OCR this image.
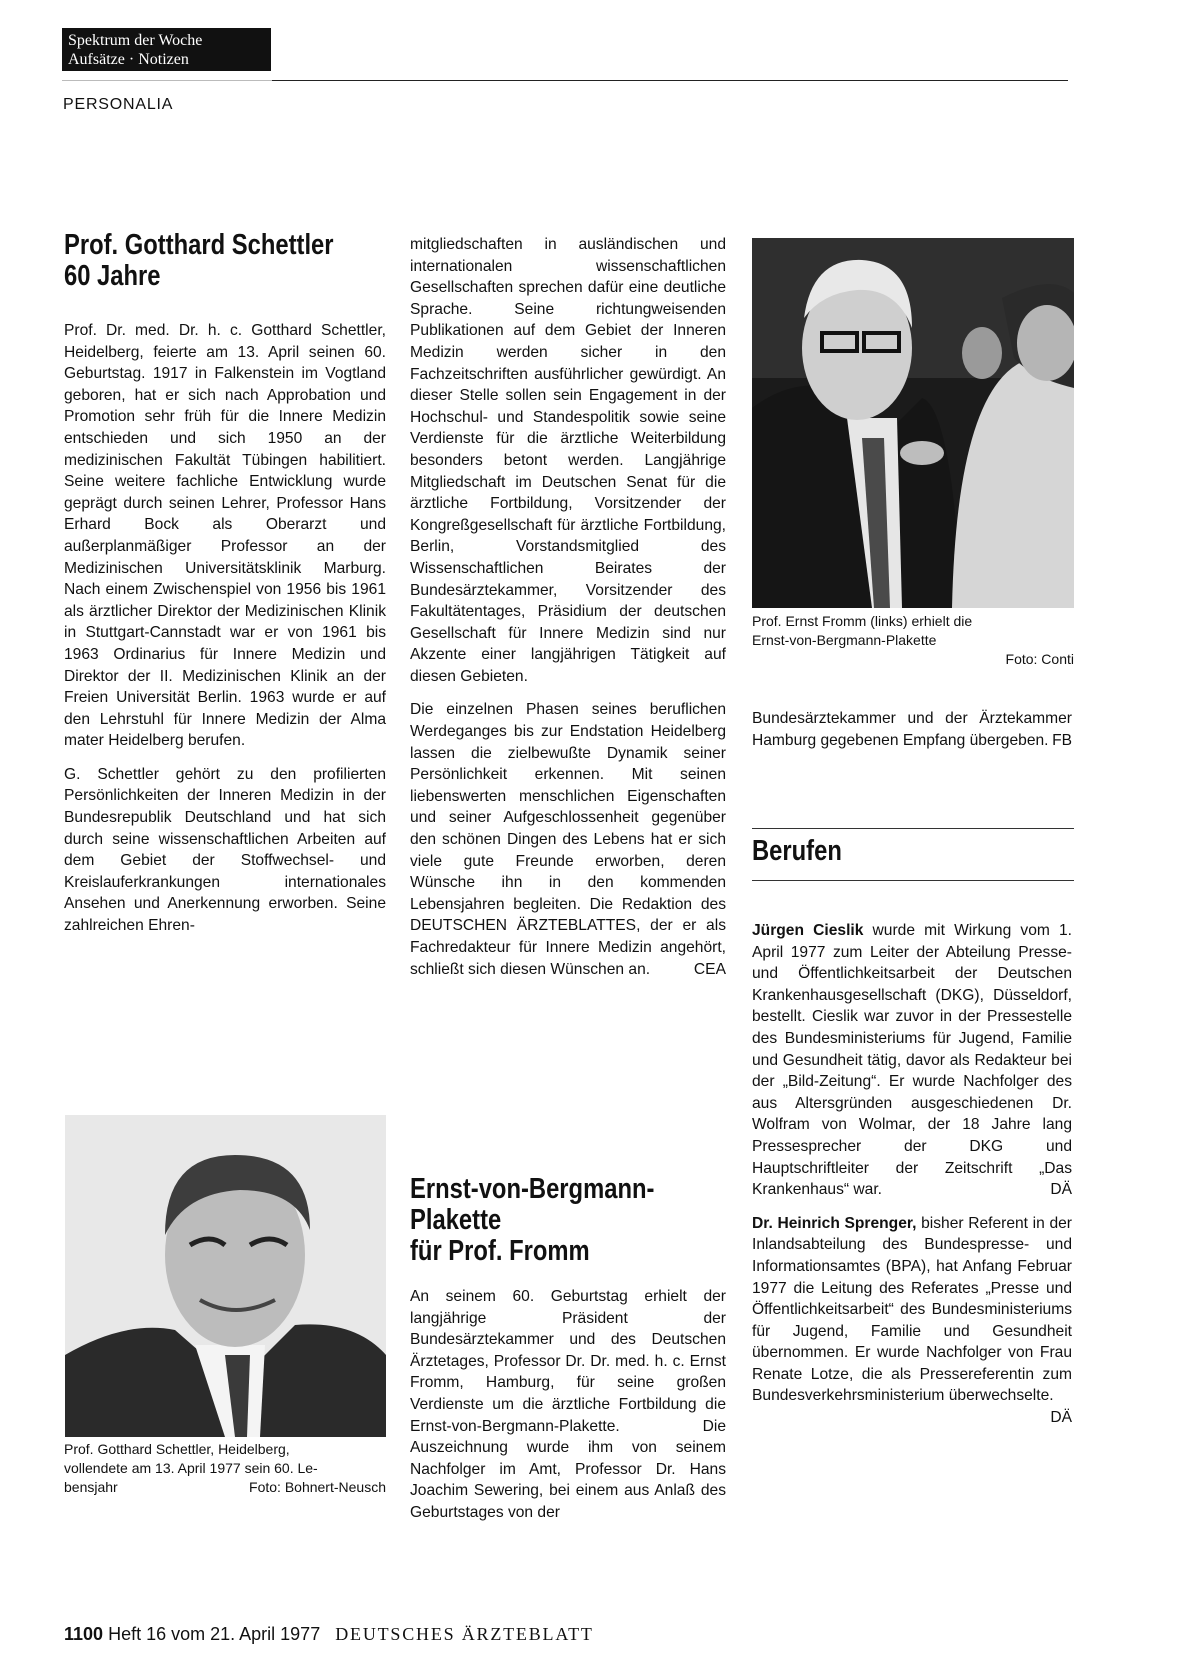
Spektrum der Woche
Aufsätze · Notizen
PERSONALIA
Prof. Gotthard Schettler
60 Jahre

Prof. Dr. med. Dr. h. c. Gotthard Schettler, Heidelberg, feierte am 13. April seinen 60. Geburtstag. 1917 in Falkenstein im Vogtland geboren, hat er sich nach Approbation und Promotion sehr früh für die Innere Medizin entschieden und sich 1950 an der medizinischen Fakultät Tübingen habilitiert. Seine weitere fachliche Entwicklung wurde geprägt durch seinen Lehrer, Professor Hans Erhard Bock als Oberarzt und außerplanmäßiger Professor an der Medizinischen Universitätsklinik Marburg. Nach einem Zwischenspiel von 1956 bis 1961 als ärztlicher Direktor der Medizinischen Klinik in Stuttgart-Cannstadt war er von 1961 bis 1963 Ordinarius für Innere Medizin und Direktor der II. Medizinischen Klinik an der Freien Universität Berlin. 1963 wurde er auf den Lehrstuhl für Innere Medizin der Alma mater Heidelberg berufen.

G. Schettler gehört zu den profilierten Persönlichkeiten der Inneren Medizin in der Bundesrepublik Deutschland und hat sich durch seine wissenschaftlichen Arbeiten auf dem Gebiet der Stoffwechsel- und Kreislauferkrankungen internationales Ansehen und Anerkennung erworben. Seine zahlreichen Ehren-

Prof. Gotthard Schettler, Heidelberg,
vollendete am 13. April 1977 sein 60. Le-
bensjahr	Foto: Bohnert-Neusch

mitgliedschaften in ausländischen und internationalen wissenschaftlichen Gesellschaften sprechen dafür eine deutliche Sprache. Seine richtungweisenden Publikationen auf dem Gebiet der Inneren Medizin werden sicher in den Fachzeitschriften ausführlicher gewürdigt. An dieser Stelle sollen sein Engagement in der Hochschul- und Standespolitik sowie seine Verdienste für die ärztliche Weiterbildung besonders betont werden. Langjährige Mitgliedschaft im Deutschen Senat für die ärztliche Fortbildung, Vorsitzender der Kongreßgesellschaft für ärztliche Fortbildung, Berlin, Vorstandsmitglied des Wissenschaftlichen Beirates der Bundesärztekammer, Vorsitzender des Fakultätentages, Präsidium der deutschen Gesellschaft für Innere Medizin sind nur Akzente einer langjährigen Tätigkeit auf diesen Gebieten.

Die einzelnen Phasen seines beruflichen Werdeganges bis zur Endstation Heidelberg lassen die zielbewußte Dynamik seiner Persönlichkeit erkennen. Mit seinen liebenswerten menschlichen Eigenschaften und seiner Aufgeschlossenheit gegenüber den schönen Dingen des Lebens hat er sich viele gute Freunde erworben, deren Wünsche ihn in den kommenden Lebensjahren begleiten. Die Redaktion des DEUTSCHEN ÄRZTEBLATTES, der er als Fachredakteur für Innere Medizin angehört, schließt sich diesen Wünschen an.	CEA

Ernst-von-Bergmann-
Plakette
für Prof. Fromm

An seinem 60. Geburtstag erhielt der langjährige Präsident der Bundesärztekammer und des Deutschen Ärztetages, Professor Dr. Dr. med. h. c. Ernst Fromm, Hamburg, für seine großen Verdienste um die ärztliche Fortbildung die Ernst-von-Bergmann-Plakette. Die Auszeichnung wurde ihm von seinem Nachfolger im Amt, Professor Dr. Hans Joachim Sewering, bei einem aus Anlaß des Geburtstages von der

Prof. Ernst Fromm (links) erhielt die
Ernst-von-Bergmann-Plakette
Foto: Conti

Bundesärztekammer und der Ärztekammer Hamburg gegebenen Empfang übergeben. FB

Berufen

Jürgen Cieslik wurde mit Wirkung vom 1. April 1977 zum Leiter der Abteilung Presse- und Öffentlichkeitsarbeit der Deutschen Krankenhausgesellschaft (DKG), Düsseldorf, bestellt. Cieslik war zuvor in der Pressestelle des Bundesministeriums für Jugend, Familie und Gesundheit tätig, davor als Redakteur bei der „Bild-Zeitung“. Er wurde Nachfolger des aus Altersgründen ausgeschiedenen Dr. Wolfram von Wolmar, der 18 Jahre lang Pressesprecher der DKG und Hauptschriftleiter der Zeitschrift „Das Krankenhaus“ war.	DÄ

Dr. Heinrich Sprenger, bisher Referent in der Inlandsabteilung des Bundespresse- und Informationsamtes (BPA), hat Anfang Februar 1977 die Leitung des Referates „Presse und Öffentlichkeitsarbeit“ des Bundesministeriums für Jugend, Familie und Gesundheit übernommen. Er wurde Nachfolger von Frau Renate Lotze, die als Pressereferentin zum Bundesverkehrsministerium überwechselte.
DÄ

1100 Heft 16 vom 21. April 1977 DEUTSCHES ÄRZTEBLATT
